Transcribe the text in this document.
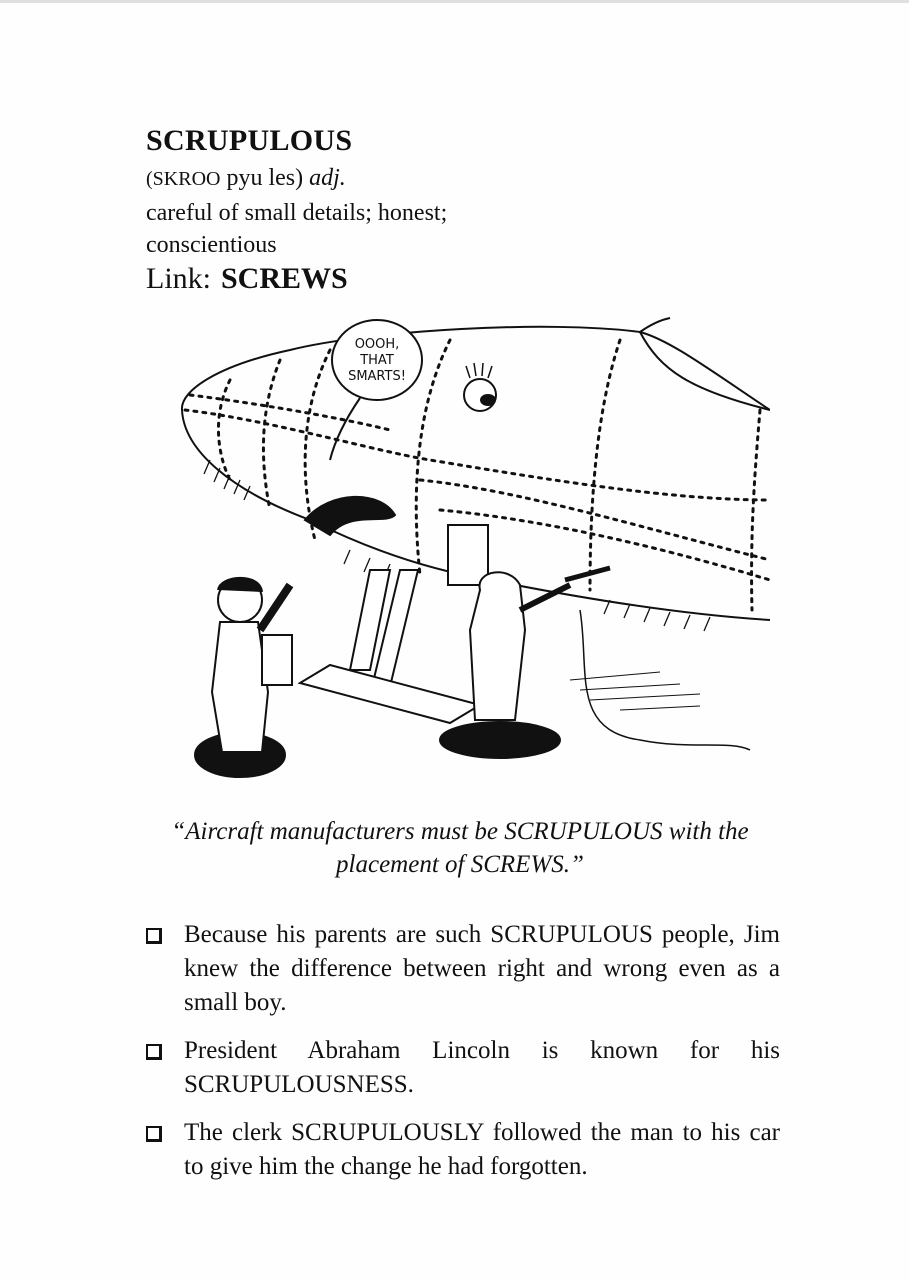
SCRUPULOUS
(SKROO pyu les) adj.
careful of small details; honest;
conscientious
Link: SCREWS
OOOH,
THAT
SMARTS!
“Aircraft manufacturers must be SCRUPULOUS with the placement of SCREWS.”
Because his parents are such SCRUPULOUS people, Jim knew the difference between right and wrong even as a small boy.
President Abraham Lincoln is known for his SCRUPULOUSNESS.
The clerk SCRUPULOUSLY followed the man to his car to give him the change he had forgotten.
